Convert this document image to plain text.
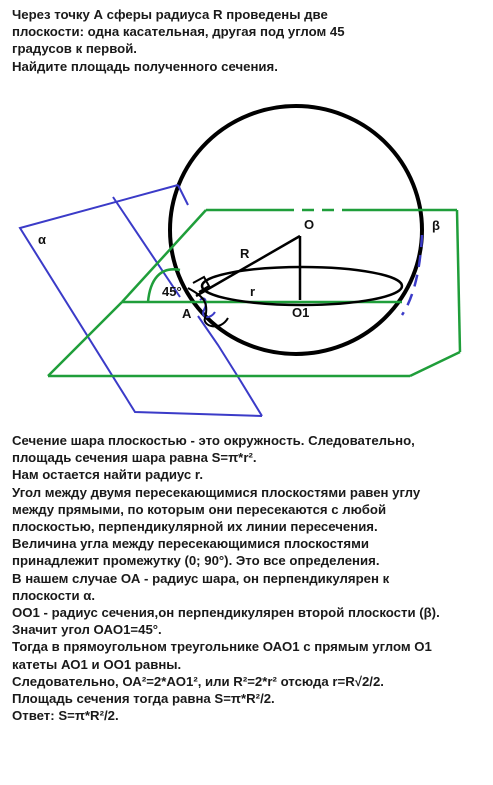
Через точку А сферы радиуса R проведены две
плоскости: одна касательная, другая под углом 45
градусов к первой.
Найдите площадь полученного сечения.
α
β
O
R
r
O1
A
45°
Сечение шара плоскостью - это окружность. Следовательно,
площадь сечения шара равна S=π*r².
Нам остается найти радиус r.
Угол между двумя пересекающимися плоскостями равен углу
между прямыми, по которым они пересекаются с любой
плоскостью, перпендикулярной их линии пересечения.
Величина угла между пересекающимися плоскостями
принадлежит промежутку (0; 90°). Это все определения.
В нашем случае ОА - радиус шара, он перпендикулярен к
плоскости α.
ОО1 - радиус сечения,он перпендикулярен второй плоскости (β).
Значит угол ОАО1=45°.
Тогда в прямоугольном треугольнике ОАО1 с прямым углом О1
катеты АО1 и ОО1 равны.
Следовательно, ОА²=2*АО1², или R²=2*r² отсюда r=R√2/2.
Площадь сечения тогда равна S=π*R²/2.
Ответ: S=π*R²/2.
